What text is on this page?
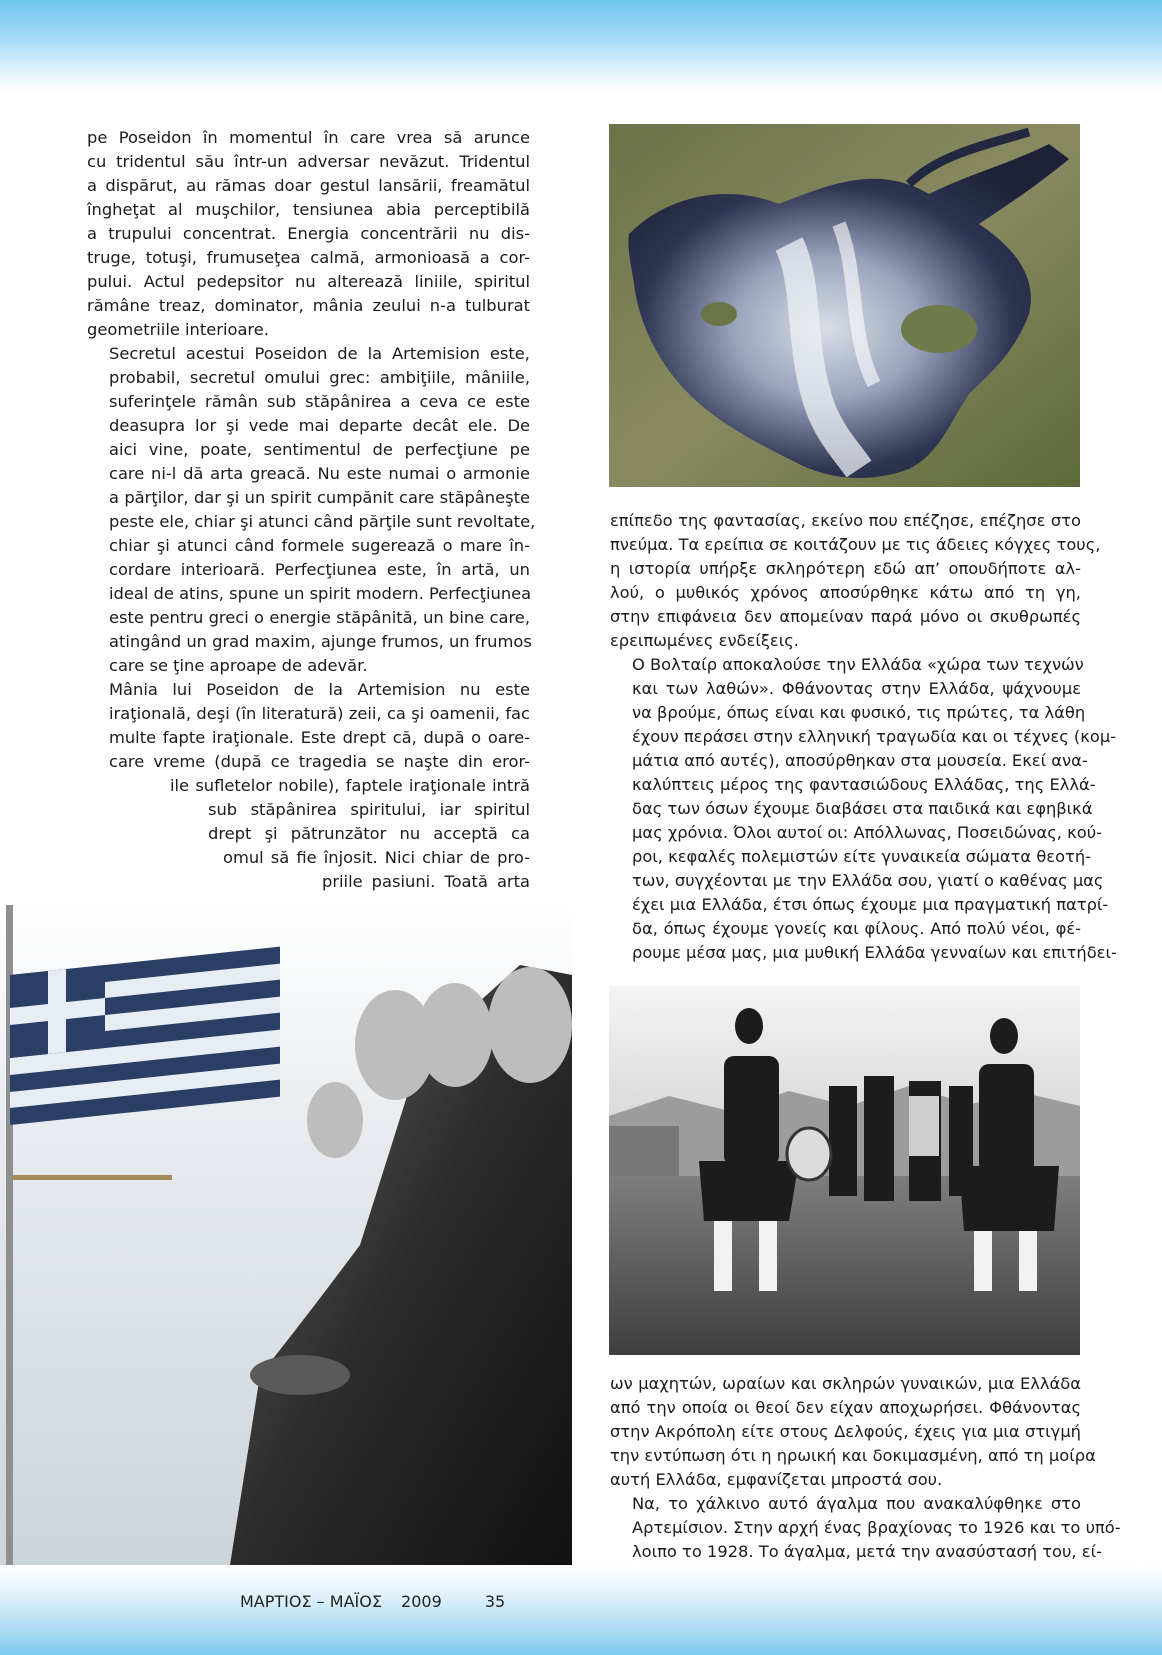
pe Poseidon în momentul în care vrea să arunce
cu tridentul său într-un adversar nevăzut. Tridentul
a dispărut, au rămas doar gestul lansării, freamătul
îngheţat al muşchilor, tensiunea abia perceptibilă
a trupului concentrat. Energia concentrării nu dis-
truge, totuşi, frumuseţea calmă, armonioasă a cor-
pului. Actul pedepsitor nu alterează liniile, spiritul
rămâne treaz, dominator, mânia zeului n-a tulburat
geometriile interioare.

Secretul acestui Poseidon de la Artemision este,
probabil, secretul omului grec: ambiţiile, mâniile,
suferinţele rămân sub stăpânirea a ceva ce este
deasupra lor şi vede mai departe decât ele. De
aici vine, poate, sentimentul de perfecţiune pe
care ni-l dă arta greacă. Nu este numai o armonie
a părţilor, dar şi un spirit cumpănit care stăpâneşte
peste ele, chiar şi atunci când părţile sunt revoltate,
chiar şi atunci când formele sugerează o mare în-
cordare interioară. Perfecţiunea este, în artă, un
ideal de atins, spune un spirit modern. Perfecţiunea
este pentru greci o energie stăpânită, un bine care,
atingând un grad maxim, ajunge frumos, un frumos
care se ţine aproape de adevăr.

Mânia lui Poseidon de la Artemision nu este
iraţională, deşi (în literatură) zeii, ca şi oamenii, fac
multe fapte iraţionale. Este drept că, după o oare-
care vreme (după ce tragedia se naşte din eror-

επίπεδο της φαντασίας, εκείνο που επέζησε, επέζησε στο
πνεύμα. Τα ερείπια σε κοιτάζουν με τις άδειες κόγχες τους,
η ιστορία υπήρξε σκληρότερη εδώ απ’ οπουδήποτε αλ-
λού, ο μυθικός χρόνος αποσύρθηκε κάτω από τη γη,
στην επιφάνεια δεν απομείναν παρά μόνο οι σκυθρωπές
ερειπωμένες ενδείξεις.

Ο Βολταίρ αποκαλούσε την Ελλάδα «χώρα των τεχνών
και των λαθών». Φθάνοντας στην Ελλάδα, ψάχνουμε
να βρούμε, όπως είναι και φυσικό, τις πρώτες, τα λάθη
έχουν περάσει στην ελληνική τραγωδία και οι τέχνες (κομ-
μάτια από αυτές), αποσύρθηκαν στα μουσεία. Εκεί ανα-
καλύπτεις μέρος της φαντασιώδους Ελλάδας, της Ελλά-
δας των όσων έχουμε διαβάσει στα παιδικά και εφηβικά
μας χρόνια. Όλοι αυτοί οι: Απόλλωνας, Ποσειδώνας, κού-
ροι, κεφαλές πολεμιστών είτε γυναικεία σώματα θεοτή-
των, συγχέονται με την Ελλάδα σου, γιατί ο καθένας μας
έχει μια Ελλάδα, έτσι όπως έχουμε μια πραγματική πατρί-
δα, όπως έχουμε γονείς και φίλους. Από πολύ νέοι, φέ-
ρουμε μέσα μας, μια μυθική Ελλάδα γενναίων και επιτήδει-

ile sufletelor nobile), faptele iraţionale intră
sub stăpânirea spiritului, iar spiritul
drept şi pătrunzător nu acceptă ca
omul să fie înjosit. Nici chiar de pro-
priile pasiuni. Toată arta

ων μαχητών, ωραίων και σκληρών γυναικών, μια Ελλάδα
από την οποία οι θεοί δεν είχαν αποχωρήσει. Φθάνοντας
στην Ακρόπολη είτε στους Δελφούς, έχεις για μια στιγμή
την εντύπωση ότι η ηρωική και δοκιμασμένη, από τη μοίρα
αυτή Ελλάδα, εμφανίζεται μπροστά σου.

Να, το χάλκινο αυτό άγαλμα που ανακαλύφθηκε στο
Αρτεμίσιον. Στην αρχή ένας βραχίονας το 1926 και το υπό-
λοιπο το 1928. Το άγαλμα, μετά την ανασύστασή του, εί-

ΜΑΡΤΙΟΣ – ΜΑΪΟΣ 2009	35
